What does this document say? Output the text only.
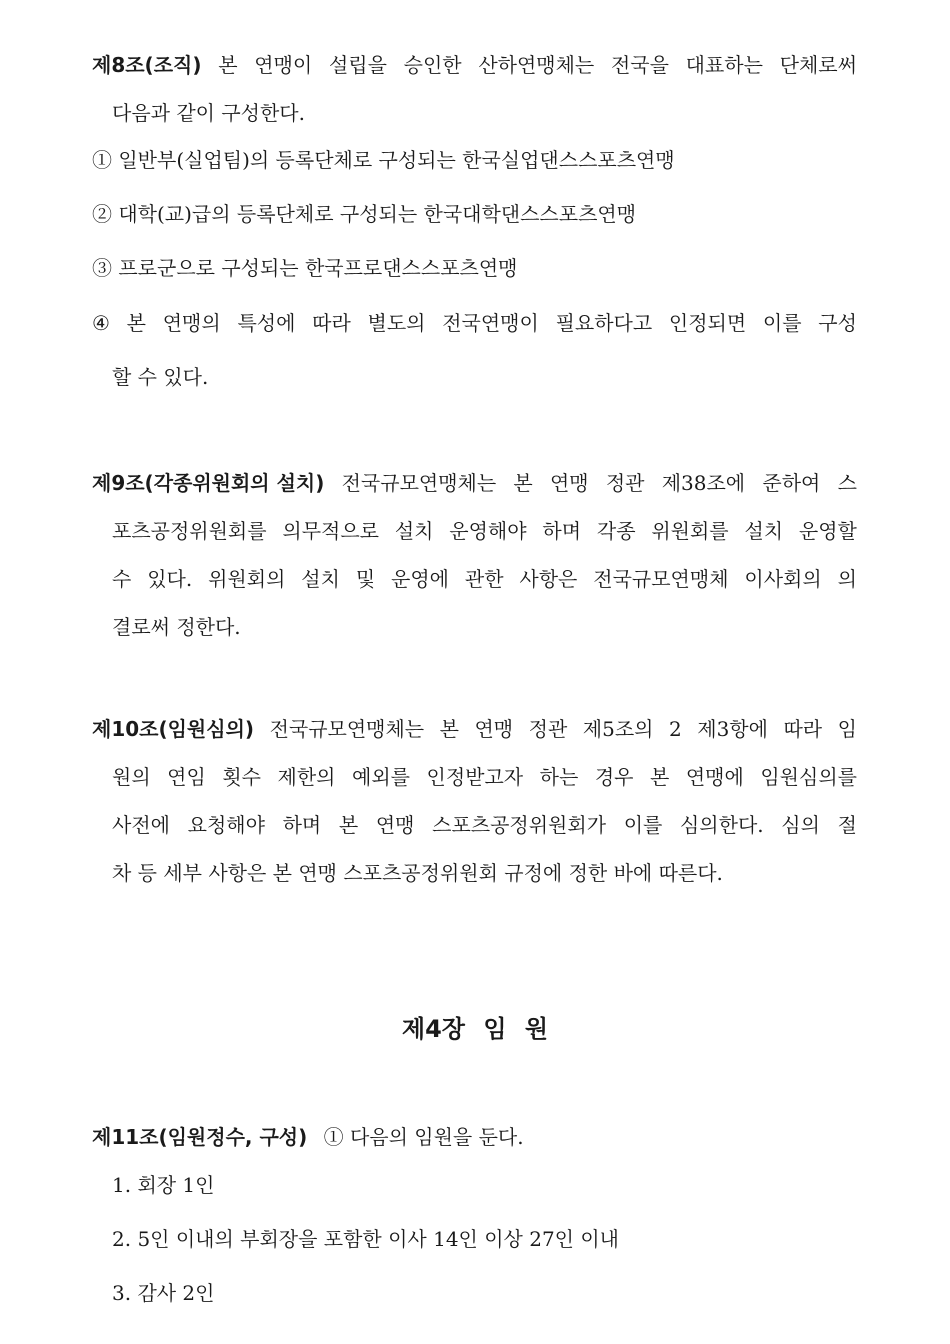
제8조(조직) 본 연맹이 설립을 승인한 산하연맹체는 전국을 대표하는 단체로써
다음과 같이 구성한다.
① 일반부(실업팀)의 등록단체로 구성되는 한국실업댄스스포츠연맹
② 대학(교)급의 등록단체로 구성되는 한국대학댄스스포츠연맹
③ 프로군으로 구성되는 한국프로댄스스포츠연맹
④ 본 연맹의 특성에 따라 별도의 전국연맹이 필요하다고 인정되면 이를 구성
할 수 있다.
제9조(각종위원회의 설치) 전국규모연맹체는 본 연맹 정관 제38조에 준하여 스
포츠공정위원회를 의무적으로 설치 운영해야 하며 각종 위원회를 설치 운영할
수 있다. 위원회의 설치 및 운영에 관한 사항은 전국규모연맹체 이사회의 의
결로써 정한다.
제10조(임원심의) 전국규모연맹체는 본 연맹 정관 제5조의 2 제3항에 따라 임
원의 연임 횟수 제한의 예외를 인정받고자 하는 경우 본 연맹에 임원심의를
사전에 요청해야 하며 본 연맹 스포츠공정위원회가 이를 심의한다. 심의 절
차 등 세부 사항은 본 연맹 스포츠공정위원회 규정에 정한 바에 따른다.
제4장 임 원
제11조(임원정수, 구성) ① 다음의 임원을 둔다.
1. 회장 1인
2. 5인 이내의 부회장을 포함한 이사 14인 이상 27인 이내
3. 감사 2인
